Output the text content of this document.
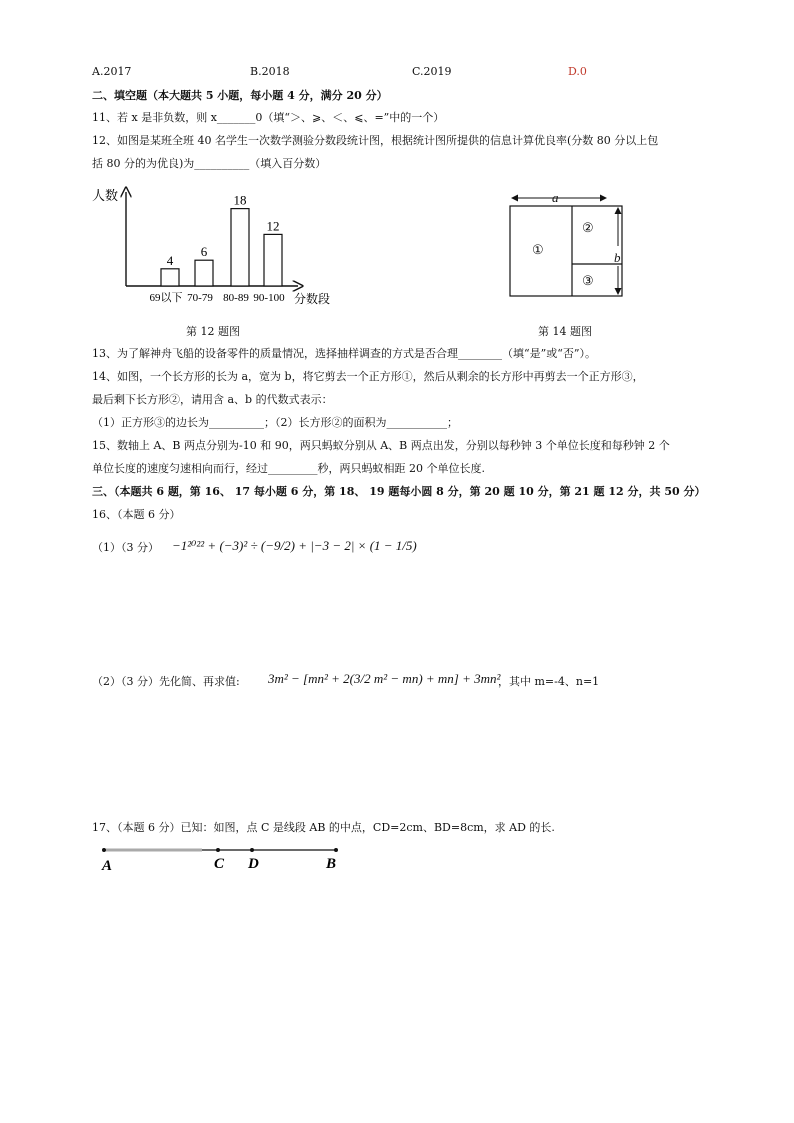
A.2017	B.2018	C.2019	D.0
二、填空题（本大题共 5 小题，每小题 4 分，满分 20 分）
11、若 x 是非负数，则 x_______0（填“＞、⩾、＜、⩽、=”中的一个）
12、如图是某班全班 40 名学生一次数学测验分数段统计图，根据统计图所提供的信息计算优良率(分数 80 分以上包
括 80 分的为优良)为__________（填入百分数）
人数
分数段
4
69以下
6
70-79
18
80-89
12
90-100
第 12 题图
a
①
②
③
b
第 14 题图
13、为了解神舟飞船的设备零件的质量情况，选择抽样调查的方式是否合理________（填“是”或“否”）。
14、如图，一个长方形的长为 a，宽为 b，将它剪去一个正方形①，然后从剩余的长方形中再剪去一个正方形③，
最后剩下长方形②，请用含 a、b 的代数式表示：
（1）正方形③的边长为__________；（2）长方形②的面积为___________；
15、数轴上 A、B 两点分别为-10 和 90，两只蚂蚁分别从 A、B 两点出发，分别以每秒钟 3 个单位长度和每秒钟 2 个
单位长度的速度匀速相向而行，经过_________秒，两只蚂蚁相距 20 个单位长度.
三、（本题共 6 题，第 16、 17 每小题 6 分，第 18、 19 题每小圆 8 分，第 20 题 10 分，第 21 题 12 分，共 50 分）
16、（本题 6 分）
（1）（3 分） −1²⁰²² + (−3)² ÷ (−9/2) + |−3 − 2| × (1 − 1/5)
（2）（3 分）先化简、再求值: 3m² − [mn² + 2(3/2 m² − mn) + mn] + 3mn²
，其中 m=-4、n=1
17、（本题 6 分）已知：如图，点 C 是线段 AB 的中点，CD=2cm、BD=8cm，求 AD 的长.
A	C D	B
